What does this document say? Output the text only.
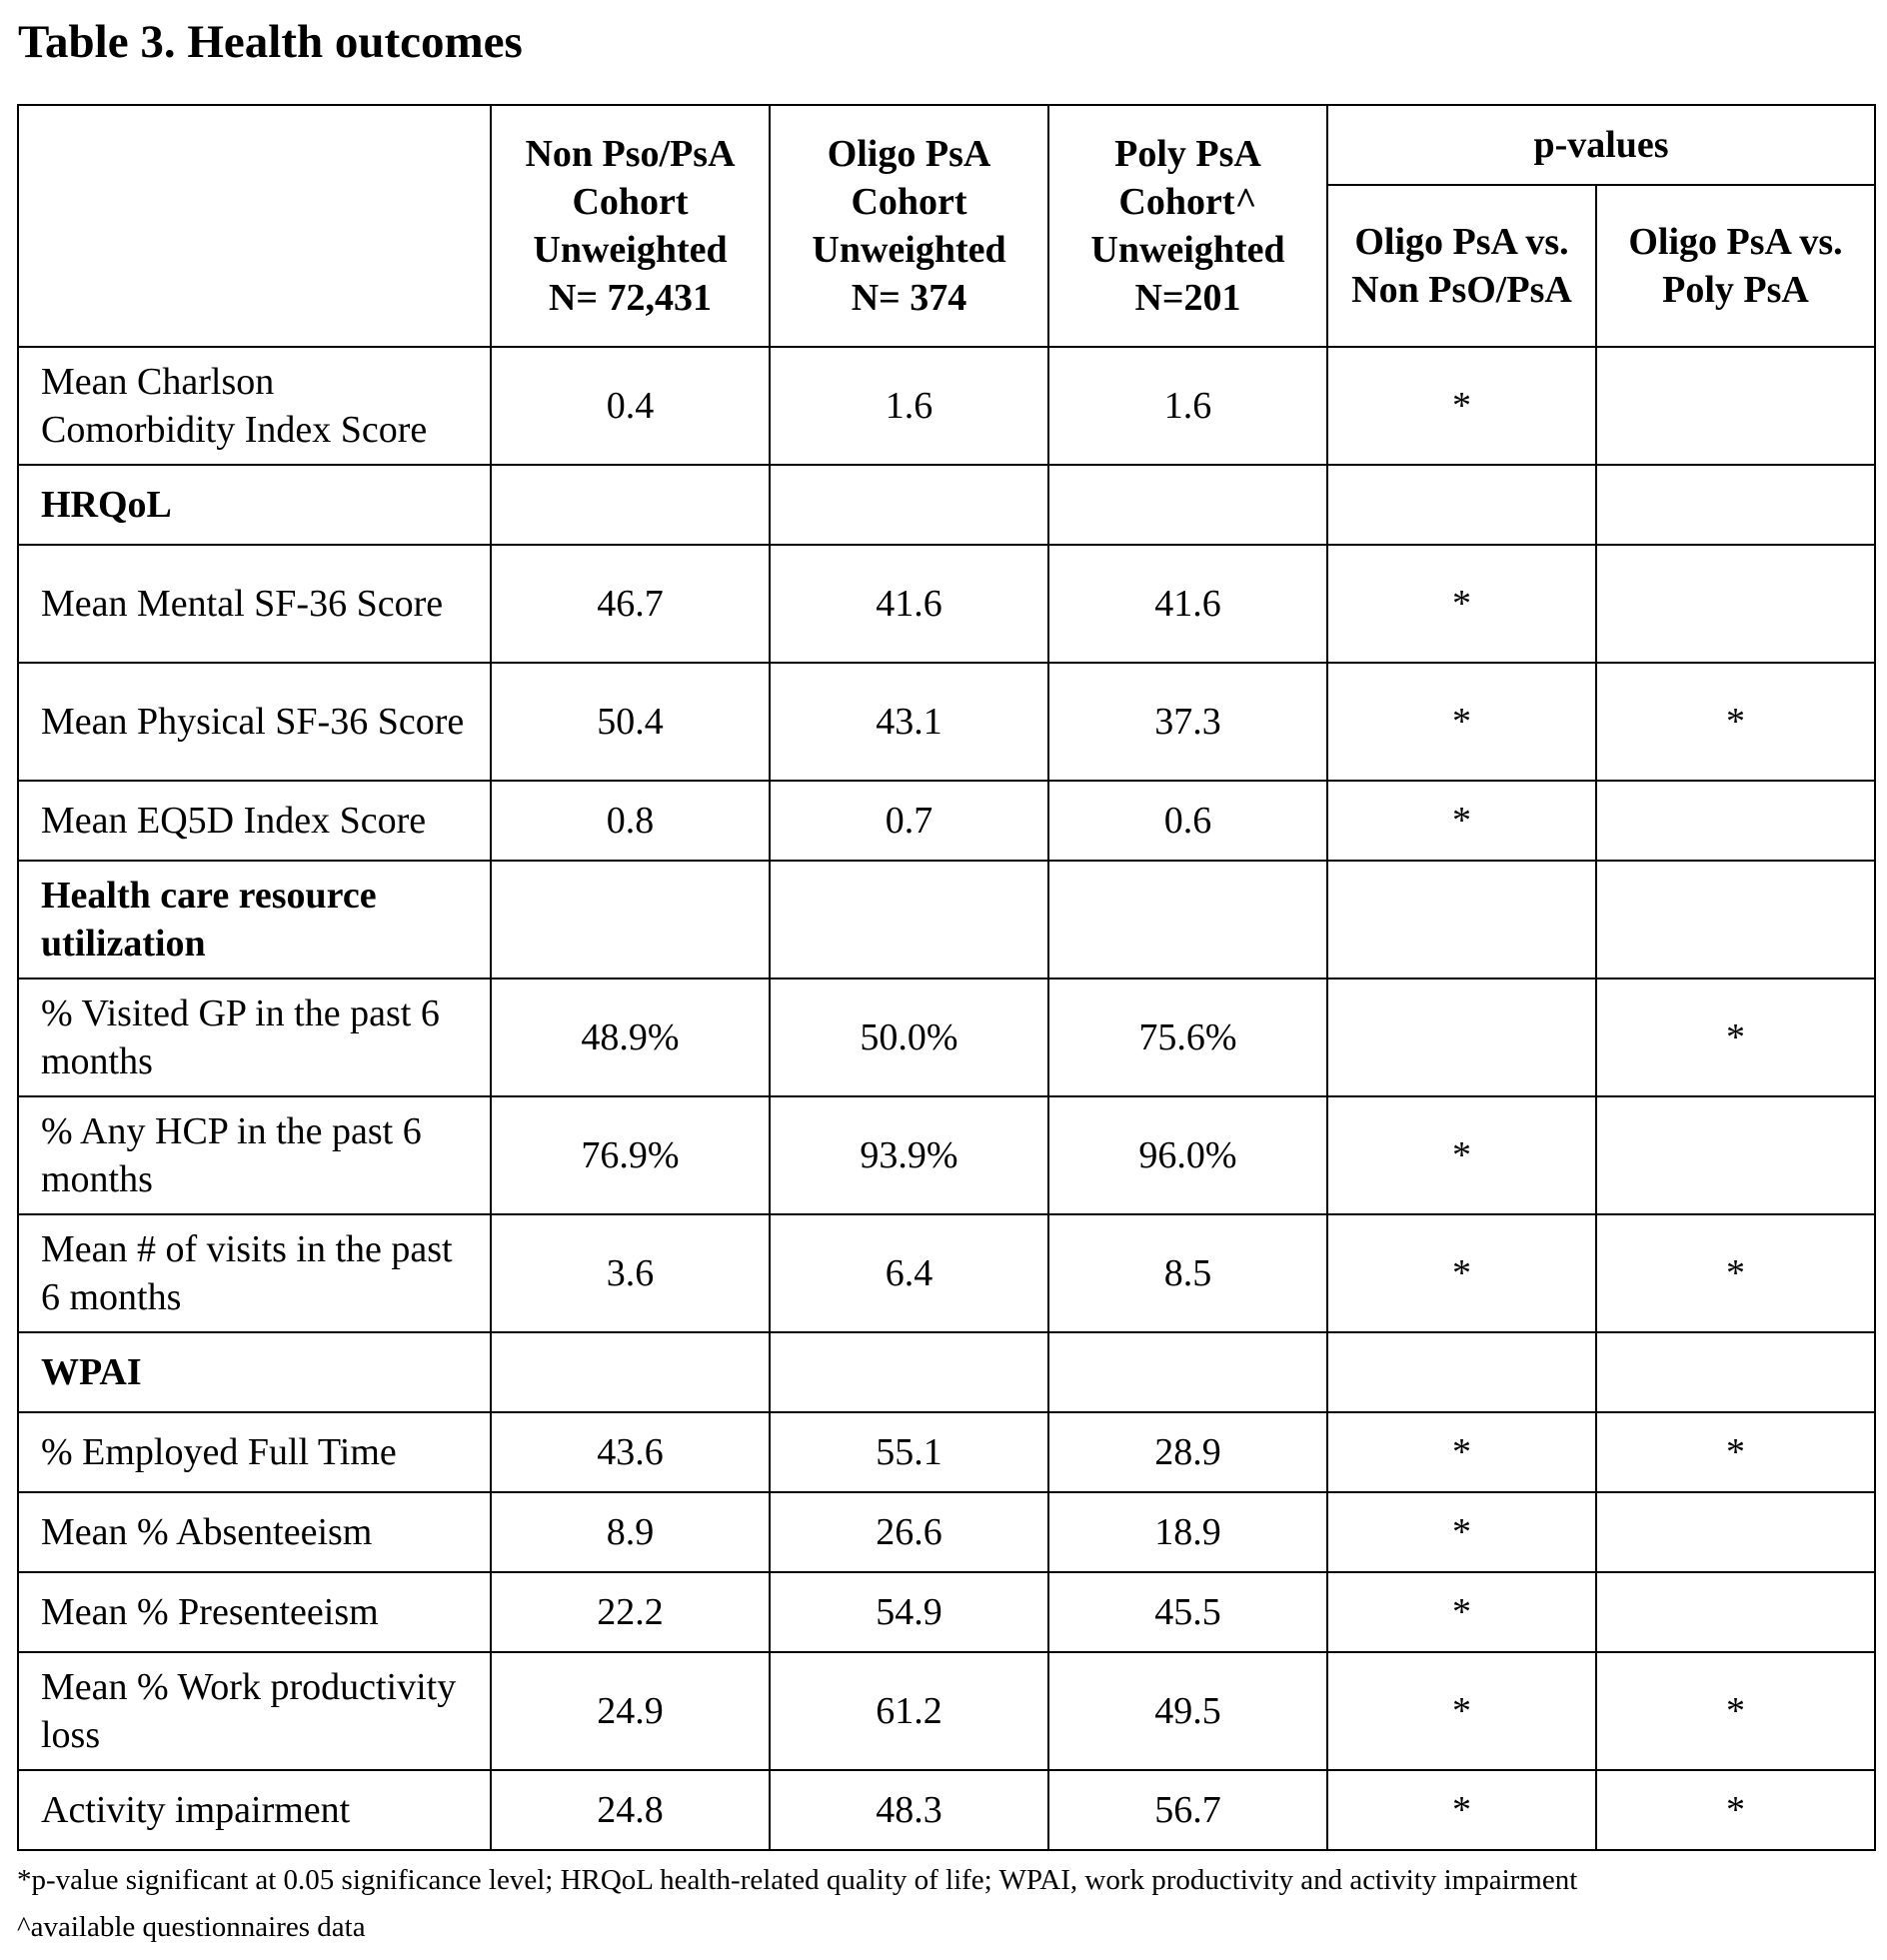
Table 3. Health outcomes
	Non Pso/PsA Cohort Unweighted N= 72,431	Oligo PsA Cohort Unweighted N= 374	Poly PsA Cohort^ Unweighted N=201	p-values	
				Oligo PsA vs. Non PsO/PsA	Oligo PsA vs. Poly PsA
Mean Charlson Comorbidity Index Score	0.4	1.6	1.6	*	
HRQoL					
Mean Mental SF-36 Score	46.7	41.6	41.6	*	
Mean Physical SF-36 Score	50.4	43.1	37.3	*	*
Mean EQ5D Index Score	0.8	0.7	0.6	*	
Health care resource utilization					
% Visited GP in the past 6 months	48.9%	50.0%	75.6%		*
% Any HCP in the past 6 months	76.9%	93.9%	96.0%	*	
Mean # of visits in the past 6 months	3.6	6.4	8.5	*	*
WPAI					
% Employed Full Time	43.6	55.1	28.9	*	*
Mean % Absenteeism	8.9	26.6	18.9	*	
Mean % Presenteeism	22.2	54.9	45.5	*	
Mean % Work productivity loss	24.9	61.2	49.5	*	*
Activity impairment	24.8	48.3	56.7	*	*
*p-value significant at 0.05 significance level; HRQoL health-related quality of life; WPAI, work productivity and activity impairment
^available questionnaires data
